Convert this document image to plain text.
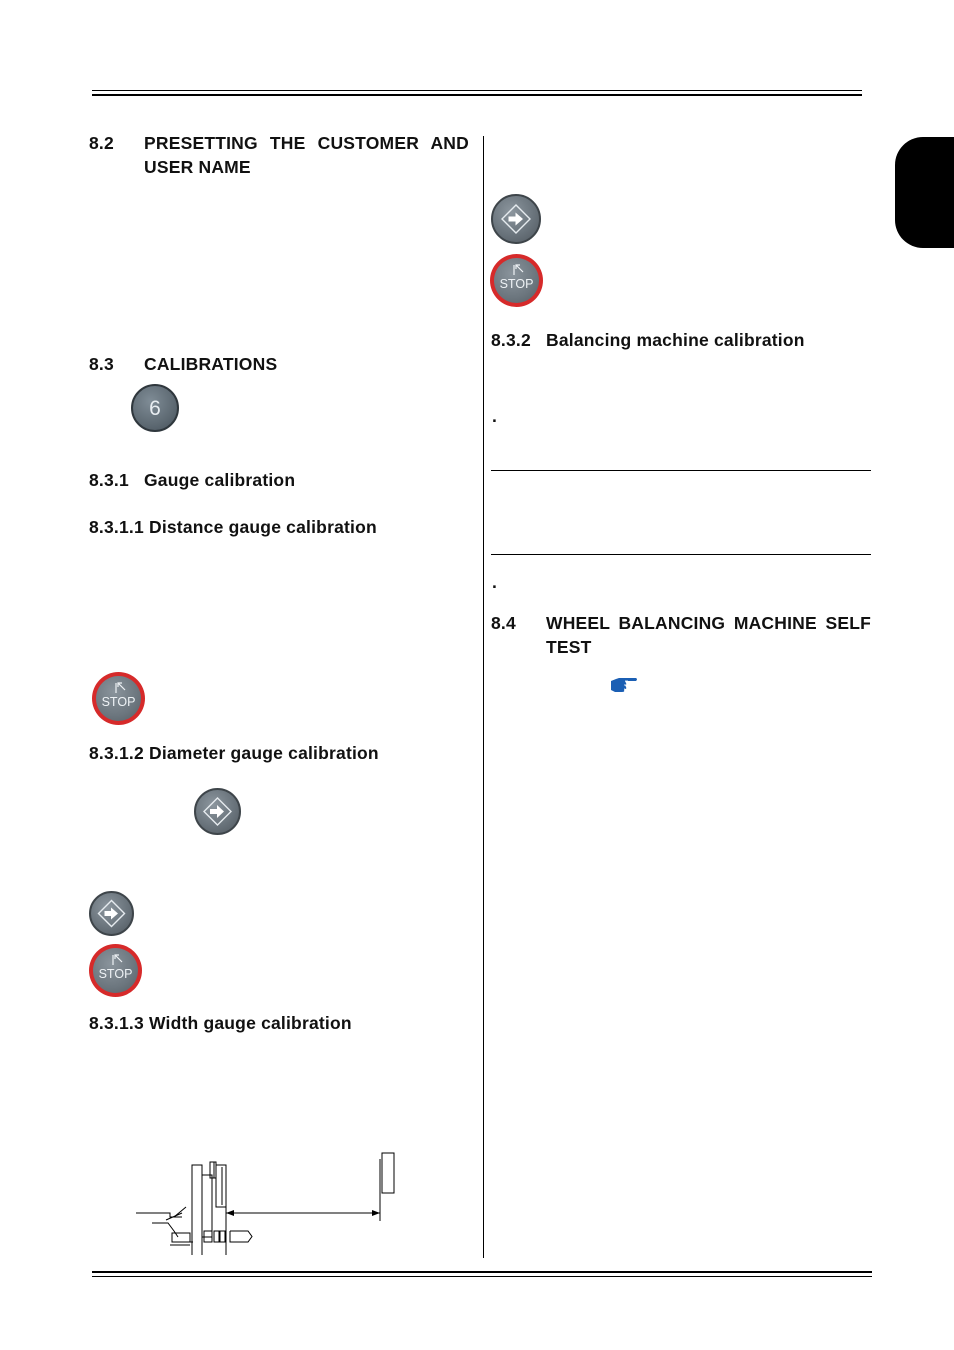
8.2 PRESETTING THE CUSTOMER AND
USER NAME
8.3 CALIBRATIONS
6
8.3.1 Gauge calibration
8.3.1.1 Distance gauge calibration
STOP
8.3.1.2 Diameter gauge calibration
STOP
8.3.1.3 Width gauge calibration
STOP
8.3.2 Balancing machine calibration
.
.
8.4 WHEEL BALANCING MACHINE SELF
TEST
